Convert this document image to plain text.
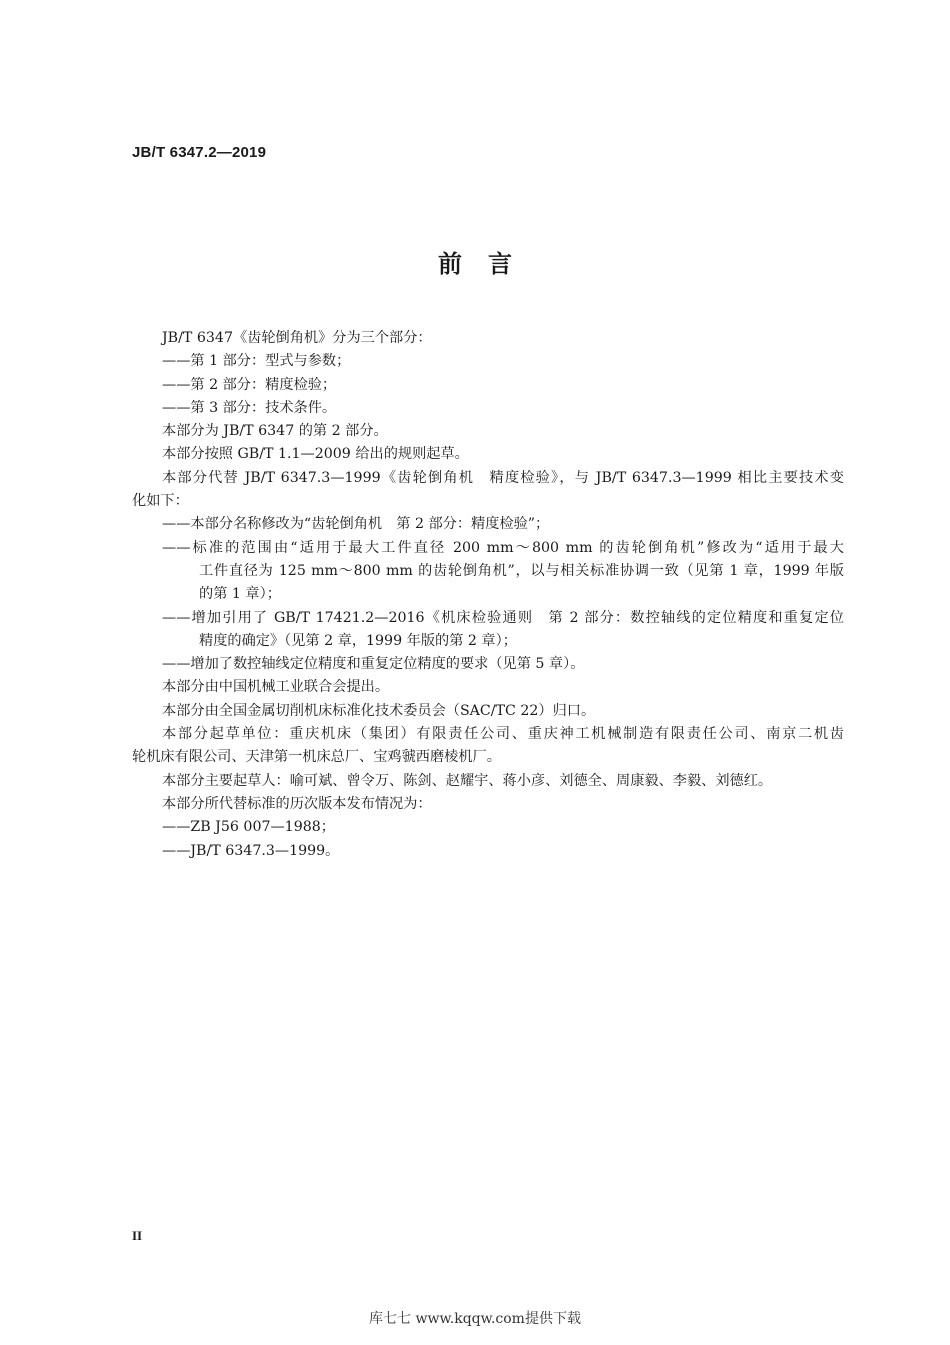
JB/T 6347.2—2019
前言
JB/T 6347《齿轮倒角机》分为三个部分：
——第 1 部分：型式与参数；
——第 2 部分：精度检验；
——第 3 部分：技术条件。
本部分为 JB/T 6347 的第 2 部分。
本部分按照 GB/T 1.1—2009 给出的规则起草。
本部分代替 JB/T 6347.3—1999《齿轮倒角机　精度检验》，与 JB/T 6347.3—1999 相比主要技术变
化如下：
——本部分名称修改为“齿轮倒角机　第 2 部分：精度检验”；
——标准的范围由“适用于最大工件直径 200 mm～800 mm 的齿轮倒角机”修改为“适用于最大
工件直径为 125 mm～800 mm 的齿轮倒角机”，以与相关标准协调一致（见第 1 章，1999 年版
的第 1 章）；
——增加引用了 GB/T 17421.2—2016《机床检验通则　第 2 部分：数控轴线的定位精度和重复定位
精度的确定》（见第 2 章，1999 年版的第 2 章）；
——增加了数控轴线定位精度和重复定位精度的要求（见第 5 章）。
本部分由中国机械工业联合会提出。
本部分由全国金属切削机床标准化技术委员会（SAC/TC 22）归口。
本部分起草单位：重庆机床（集团）有限责任公司、重庆神工机械制造有限责任公司、南京二机齿
轮机床有限公司、天津第一机床总厂、宝鸡虢西磨棱机厂。
本部分主要起草人：喻可斌、曾令万、陈剑、赵耀宇、蒋小彦、刘德全、周康毅、李毅、刘德红。
本部分所代替标准的历次版本发布情况为：
——ZB J56 007—1988；
——JB/T 6347.3—1999。
II
库七七 www.kqqw.com提供下载
